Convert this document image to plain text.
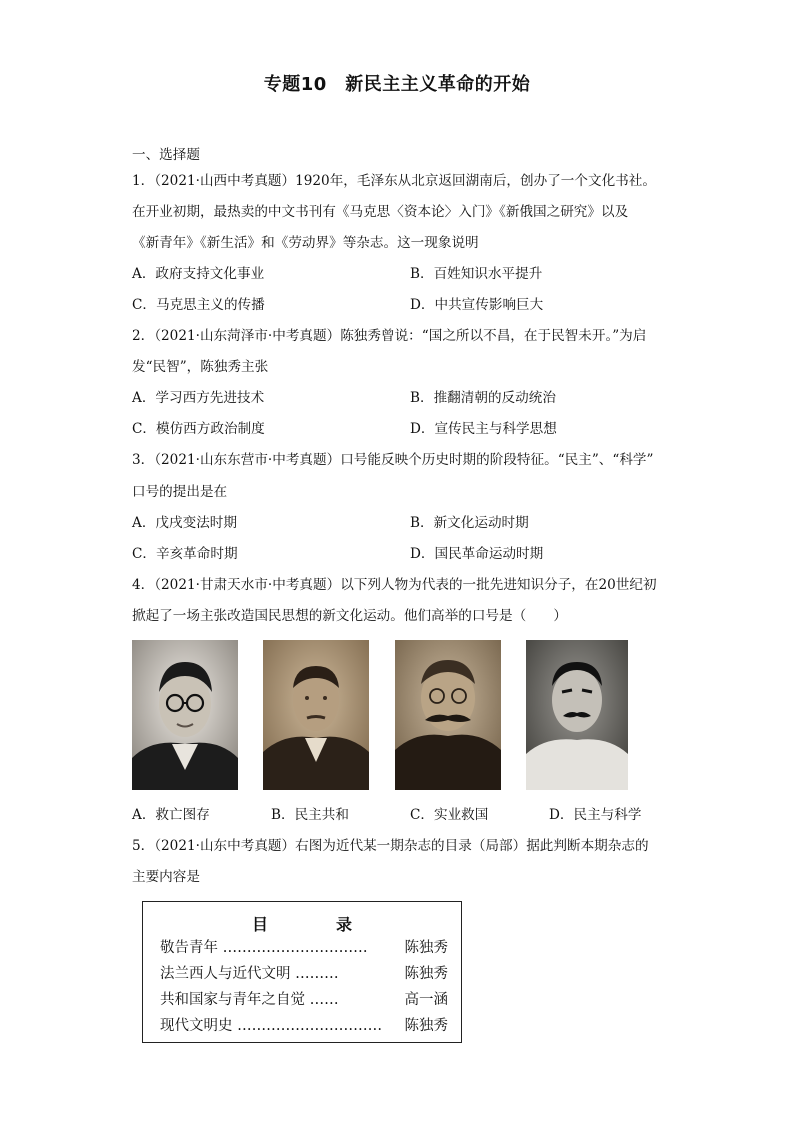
专题10　新民主主义革命的开始
一、选择题
1．（2021·山西中考真题）1920年，毛泽东从北京返回湖南后，创办了一个文化书社。
在开业初期，最热卖的中文书刊有《马克思〈资本论〉入门》《新俄国之研究》以及
《新青年》《新生活》和《劳动界》等杂志。这一现象说明
A．政府支持文化事业	B．百姓知识水平提升
C．马克思主义的传播	D．中共宣传影响巨大
2．（2021·山东菏泽市·中考真题）陈独秀曾说：“国之所以不昌，在于民智未开。”为启
发“民智”，陈独秀主张
A．学习西方先进技术	B．推翻清朝的反动统治
C．模仿西方政治制度	D．宣传民主与科学思想
3．（2021·山东东营市·中考真题）口号能反映个历史时期的阶段特征。“民主”、“科学”
口号的提出是在
A．戊戌变法时期	B．新文化运动时期
C．辛亥革命时期	D．国民革命运动时期
4．（2021·甘肃天水市·中考真题）以下列人物为代表的一批先进知识分子，在20世纪初
掀起了一场主张改造国民思想的新文化运动。他们高举的口号是（　　）
A．救亡图存	B．民主共和	C．实业救国	D．民主与科学
5．（2021·山东中考真题）右图为近代某一期杂志的目录（局部）据此判断本期杂志的
主要内容是
目　录
敬告青年 …………………………	陈独秀
法兰西人与近代文明 ………	陈独秀
共和国家与青年之自觉 ……	高一涵
现代文明史 ………………………… 陈独秀
